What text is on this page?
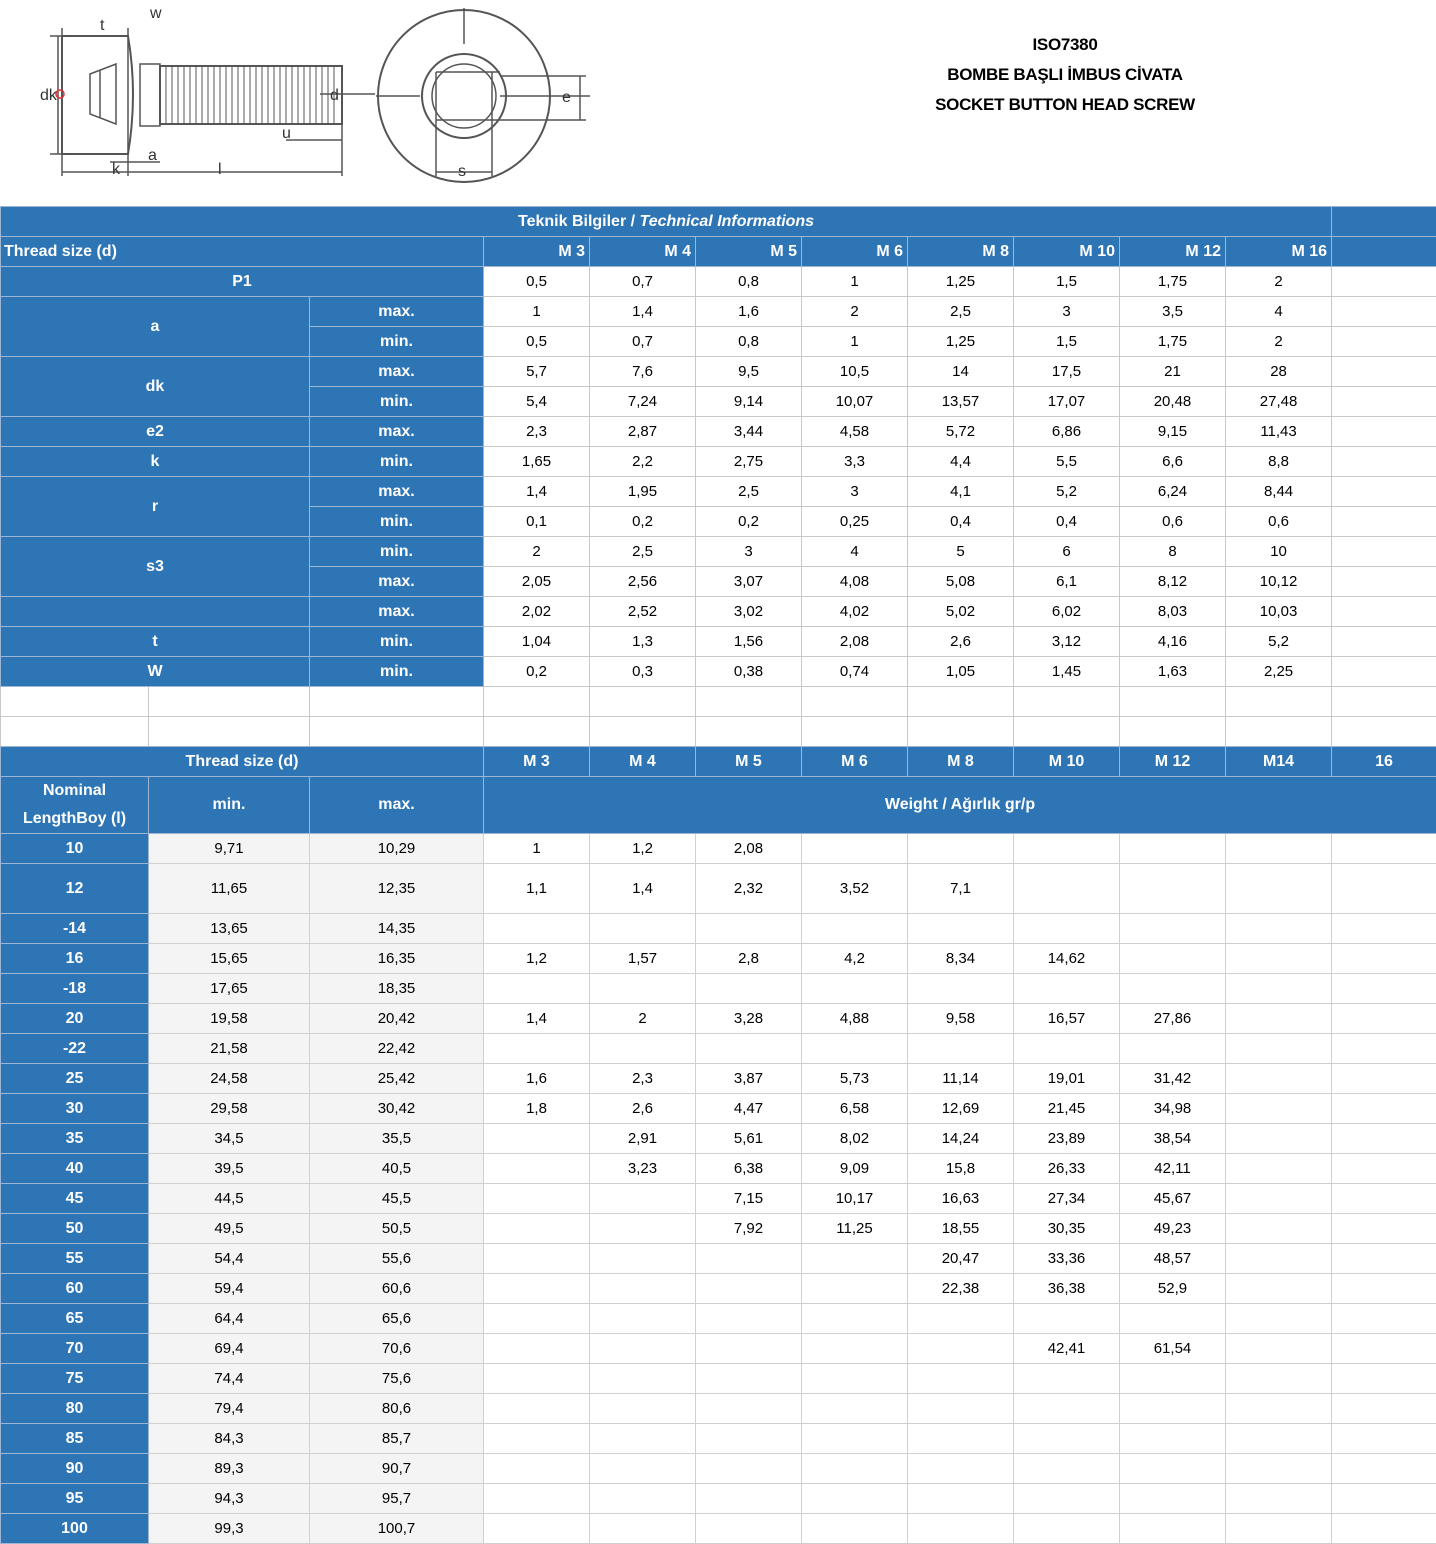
w
t
dk	d
u
a
k	l
e
s
ISO7380
BOMBE BAŞLI İMBUS CİVATA
SOCKET BUTTON HEAD SCREW
Teknik Bilgiler / Technical Informations											
Thread size (d)			M 3	M 4	M 5	M 6	M 8	M 10	M 12	M 16	
P1			0,5	0,7	0,8	1	1,25	1,5	1,75	2	
a		max.	1	1,4	1,6	2	2,5	3	3,5	4	
		min.	0,5	0,7	0,8	1	1,25	1,5	1,75	2	
dk		max.	5,7	7,6	9,5	10,5	14	17,5	21	28	
		min.	5,4	7,24	9,14	10,07	13,57	17,07	20,48	27,48	
e2		max.	2,3	2,87	3,44	4,58	5,72	6,86	9,15	11,43	
k		min.	1,65	2,2	2,75	3,3	4,4	5,5	6,6	8,8	
r		max.	1,4	1,95	2,5	3	4,1	5,2	6,24	8,44	
		min.	0,1	0,2	0,2	0,25	0,4	0,4	0,6	0,6	
s3		min.	2	2,5	3	4	5	6	8	10	
		max.	2,05	2,56	3,07	4,08	5,08	6,1	8,12	10,12	
		max.	2,02	2,52	3,02	4,02	5,02	6,02	8,03	10,03	
t		min.	1,04	1,3	1,56	2,08	2,6	3,12	4,16	5,2	
W		min.	0,2	0,3	0,38	0,74	1,05	1,45	1,63	2,25	

Thread size (d)			M 3	M 4	M 5	M 6	M 8	M 10	M 12	M14	16

Nominal
LengthBoy (l)	min.	max.	Weight / Ağırlık gr/p								
10	9,71	10,29	1	1,2	2,08						
12	11,65	12,35	1,1	1,4	2,32	3,52	7,1				
-14	13,65	14,35									
16	15,65	16,35	1,2	1,57	2,8	4,2	8,34	14,62			
-18	17,65	18,35									
20	19,58	20,42	1,4	2	3,28	4,88	9,58	16,57	27,86		
-22	21,58	22,42									
25	24,58	25,42	1,6	2,3	3,87	5,73	11,14	19,01	31,42		
30	29,58	30,42	1,8	2,6	4,47	6,58	12,69	21,45	34,98		
35	34,5	35,5		2,91	5,61	8,02	14,24	23,89	38,54		
40	39,5	40,5		3,23	6,38	9,09	15,8	26,33	42,11		
45	44,5	45,5			7,15	10,17	16,63	27,34	45,67		
50	49,5	50,5			7,92	11,25	18,55	30,35	49,23		
55	54,4	55,6					20,47	33,36	48,57		
60	59,4	60,6					22,38	36,38	52,9		
65	64,4	65,6									
70	69,4	70,6						42,41	61,54		
75	74,4	75,6									
80	79,4	80,6									
85	84,3	85,7									
90	89,3	90,7									
95	94,3	95,7									
100	99,3	100,7									
